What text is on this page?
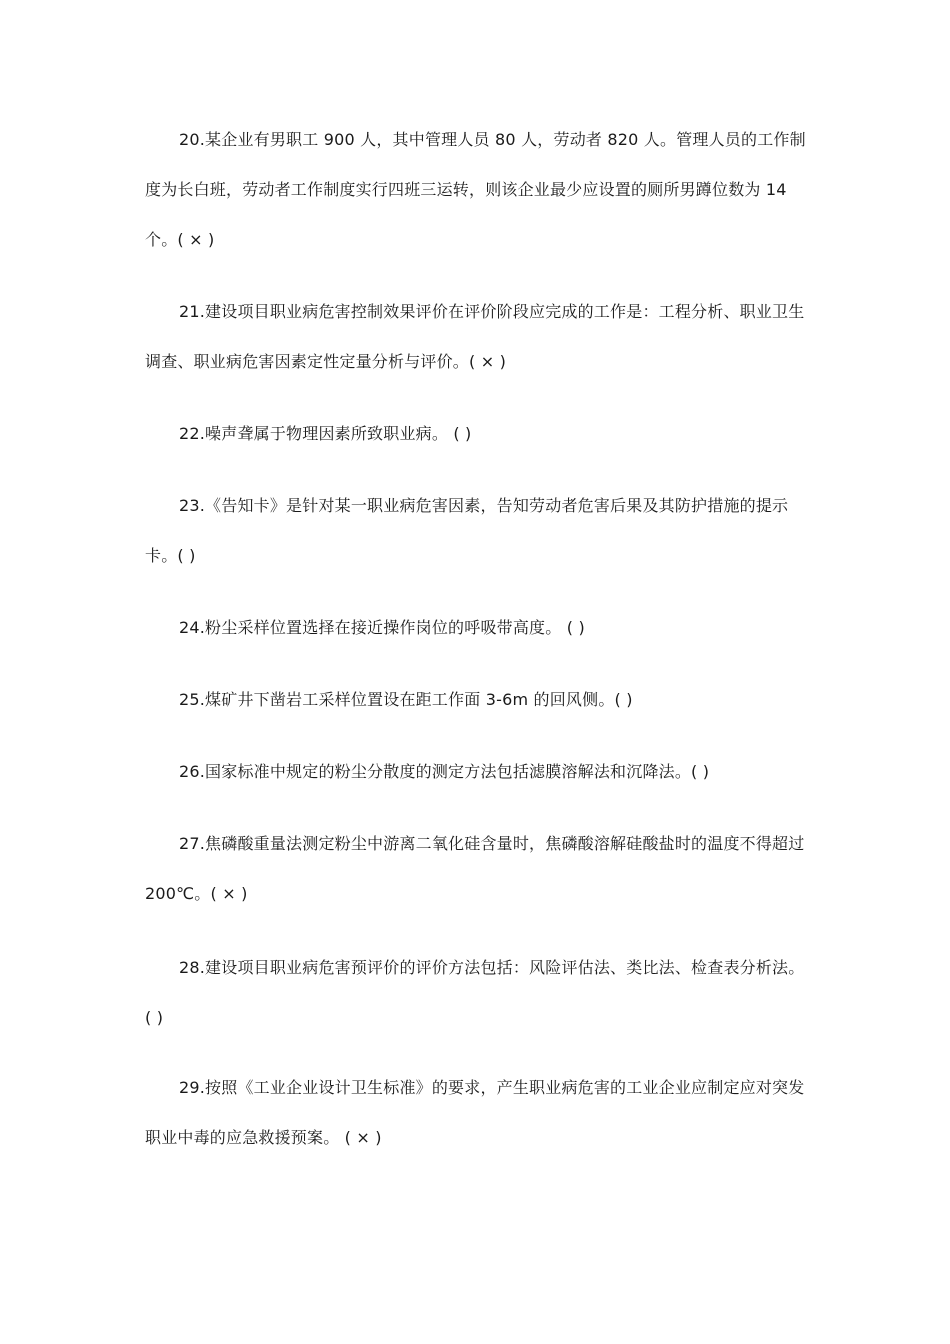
20.某企业有男职工 900 人，其中管理人员 80 人，劳动者 820 人。管理人员的工作制度为长白班，劳动者工作制度实行四班三运转，则该企业最少应设置的厕所男蹲位数为 14 个。( × )

21.建设项目职业病危害控制效果评价在评价阶段应完成的工作是：工程分析、职业卫生调查、职业病危害因素定性定量分析与评价。( × )

22.噪声聋属于物理因素所致职业病。 ( )

23.《告知卡》是针对某一职业病危害因素，告知劳动者危害后果及其防护措施的提示卡。( )

24.粉尘采样位置选择在接近操作岗位的呼吸带高度。 ( )

25.煤矿井下凿岩工采样位置设在距工作面 3-6m 的回风侧。( )

26.国家标准中规定的粉尘分散度的测定方法包括滤膜溶解法和沉降法。( )

27.焦磷酸重量法测定粉尘中游离二氧化硅含量时，焦磷酸溶解硅酸盐时的温度不得超过 200℃。( × )

28.建设项目职业病危害预评价的评价方法包括：风险评估法、类比法、检查表分析法。( )

29.按照《工业企业设计卫生标准》的要求，产生职业病危害的工业企业应制定应对突发职业中毒的应急救援预案。 ( × )
